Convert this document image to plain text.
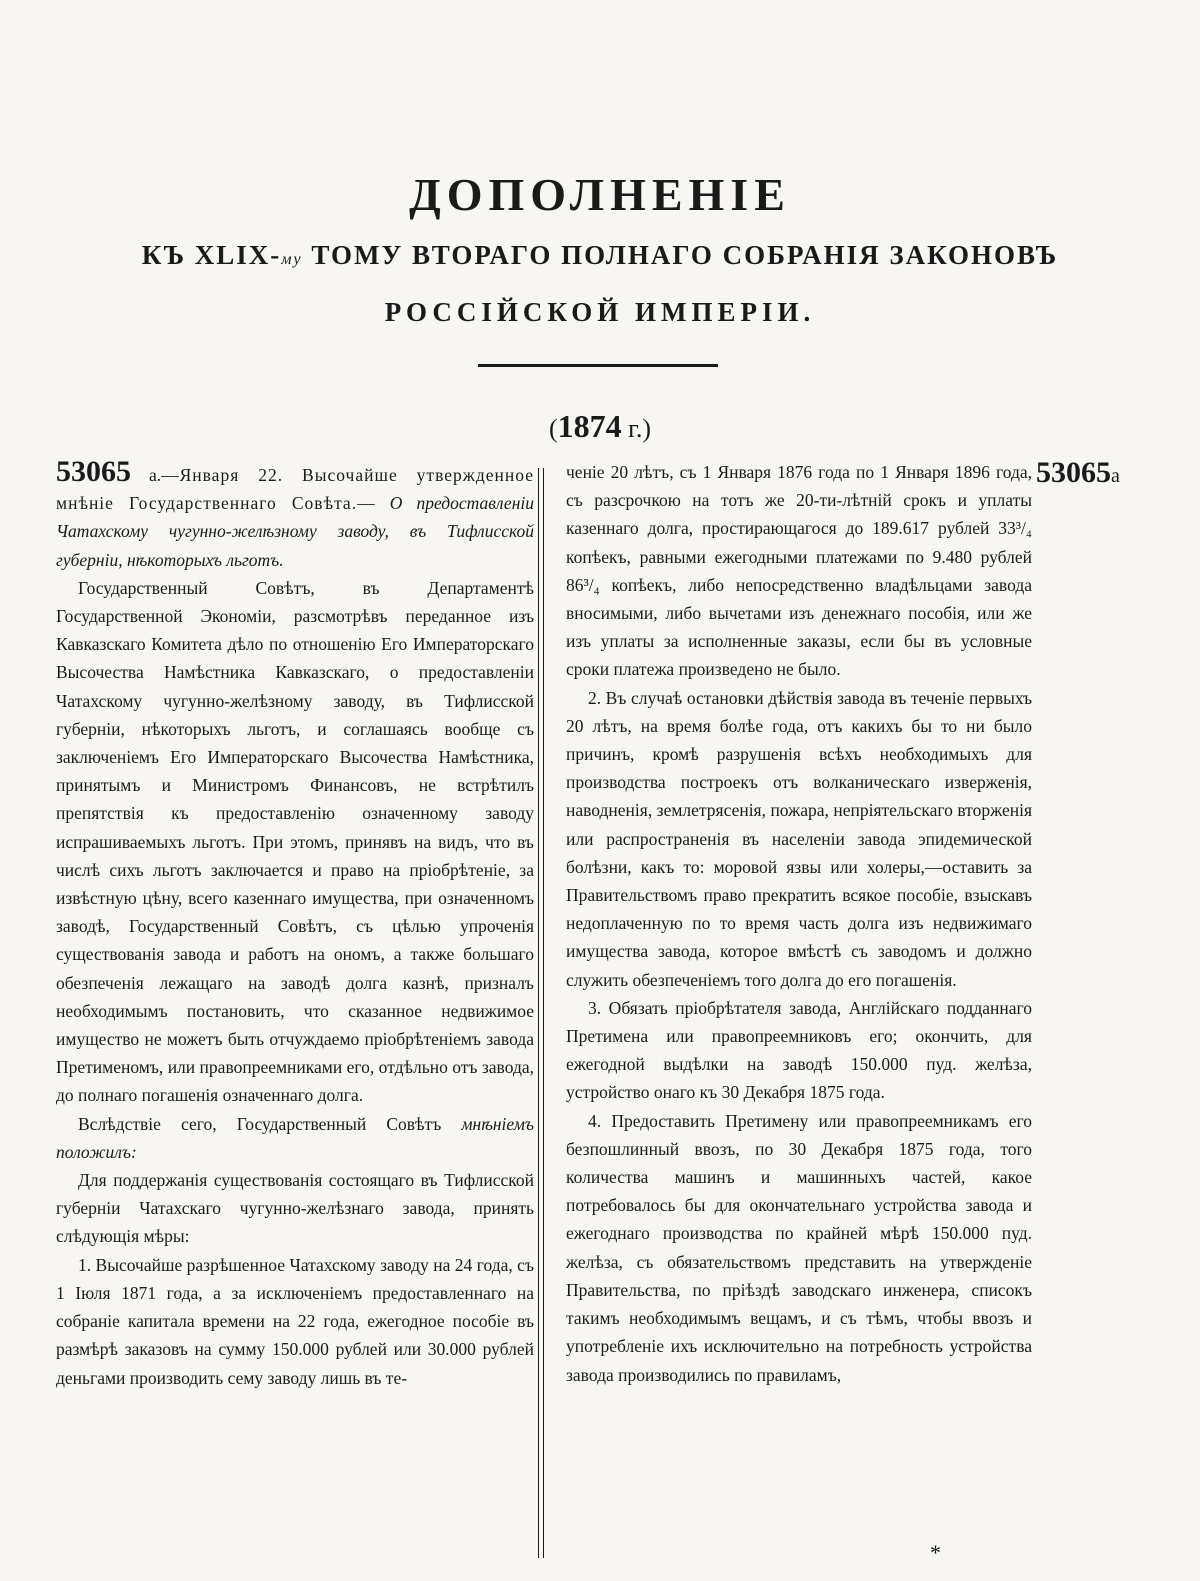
ДОПОЛНЕНІЕ
КЪ XLIX-му ТОМУ ВТОРАГО ПОЛНАГО СОБРАНІЯ ЗАКОНОВЪ
РОССІЙСКОЙ ИМПЕРІИ.
(1874 г.)

53065 а.—Января 22. Высочайше утвержденное мнѣніе Государственнаго Совѣта.— О предоставленіи Чатахскому чугунно-желѣзному заводу, въ Тифлисской губерніи, нѣкоторыхъ льготъ.

Государственный Совѣтъ, въ Департаментѣ Государственной Экономіи, разсмотрѣвъ переданное изъ Кавказскаго Комитета дѣло по отношенію Его Императорскаго Высочества Намѣстника Кавказскаго, о предоставленіи Чатахскому чугунно-желѣзному заводу, въ Тифлисской губерніи, нѣкоторыхъ льготъ, и соглашаясь вообще съ заключеніемъ Его Императорскаго Высочества Намѣстника, принятымъ и Министромъ Финансовъ, не встрѣтилъ препятствія къ предоставленію означенному заводу испрашиваемыхъ льготъ. При этомъ, принявъ на видъ, что въ числѣ сихъ льготъ заключается и право на пріобрѣтеніе, за извѣстную цѣну, всего казеннаго имущества, при означенномъ заводѣ, Государственный Совѣтъ, съ цѣлью упроченія существованія завода и работъ на ономъ, а также большаго обезпеченія лежащаго на заводѣ долга казнѣ, призналъ необходимымъ постановить, что сказанное недвижимое имущество не можетъ быть отчуждаемо пріобрѣтеніемъ завода Претименомъ, или правопреемниками его, отдѣльно отъ завода, до полнаго погашенія означеннаго долга.

Вслѣдствіе сего, Государственный Совѣтъ мнѣніемъ положилъ:

Для поддержанія существованія состоящаго въ Тифлисской губерніи Чатахскаго чугунно-желѣзнаго завода, принять слѣдующія мѣры:

1. Высочайше разрѣшенное Чатахскому заводу на 24 года, съ 1 Іюля 1871 года, а за исключеніемъ предоставленнаго на собраніе капитала времени на 22 года, ежегодное пособіе въ размѣрѣ заказовъ на сумму 150.000 рублей или 30.000 рублей деньгами производить сему заводу лишь въ те-

53065а

ченіе 20 лѣтъ, съ 1 Января 1876 года по 1 Января 1896 года, съ разсрочкою на тотъ же 20-ти-лѣтній срокъ и уплаты казеннаго долга, простирающагося до 189.617 рублей 33³/₄ копѣекъ, равными ежегодными платежами по 9.480 рублей 86³/₄ копѣекъ, либо непосредственно владѣльцами завода вносимыми, либо вычетами изъ денежнаго пособія, или же изъ уплаты за исполненные заказы, если бы въ условные сроки платежа произведено не было.

2. Въ случаѣ остановки дѣйствія завода въ теченіе первыхъ 20 лѣтъ, на время болѣе года, отъ какихъ бы то ни было причинъ, кромѣ разрушенія всѣхъ необходимыхъ для производства построекъ отъ волканическаго изверженія, наводненія, землетрясенія, пожара, непріятельскаго вторженія или распространенія въ населеніи завода эпидемической болѣзни, какъ то: моровой язвы или холеры,—оставить за Правительствомъ право прекратить всякое пособіе, взыскавъ недоплаченную по то время часть долга изъ недвижимаго имущества завода, которое вмѣстѣ съ заводомъ и должно служить обезпеченіемъ того долга до его погашенія.

3. Обязать пріобрѣтателя завода, Англійскаго подданнаго Претимена или правопреемниковъ его; окончить, для ежегодной выдѣлки на заводѣ 150.000 пуд. желѣза, устройство онаго къ 30 Декабря 1875 года.

4. Предоставить Претимену или правопреемникамъ его безпошлинный ввозъ, по 30 Декабря 1875 года, того количества машинъ и машинныхъ частей, какое потребовалось бы для окончательнаго устройства завода и ежегоднаго производства по крайней мѣрѣ 150.000 пуд. желѣза, съ обязательствомъ представить на утвержденіе Правительства, по пріѣздѣ заводскаго инженера, списокъ такимъ необходимымъ вещамъ, и съ тѣмъ, чтобы ввозъ и употребленіе ихъ исключительно на потребность устройства завода производились по правиламъ,

*
